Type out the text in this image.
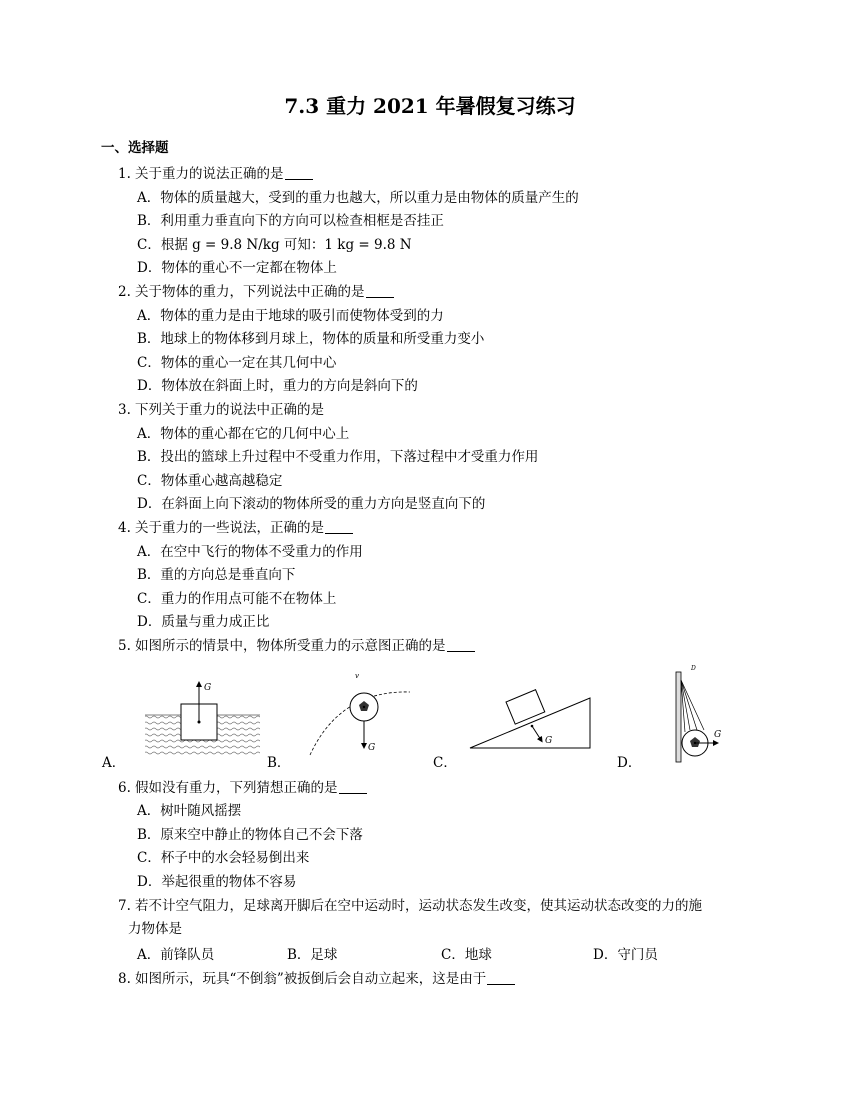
7.3 重力 2021 年暑假复习练习
一、选择题
1. 关于重力的说法正确的是
A．物体的质量越大，受到的重力也越大，所以重力是由物体的质量产生的
B．利用重力垂直向下的方向可以检查相框是否挂正
C．根据 g = 9.8 N/kg 可知：1 kg = 9.8 N
D．物体的重心不一定都在物体上
2. 关于物体的重力，下列说法中正确的是
A．物体的重力是由于地球的吸引而使物体受到的力
B．地球上的物体移到月球上，物体的质量和所受重力变小
C．物体的重心一定在其几何中心
D．物体放在斜面上时，重力的方向是斜向下的
3. 下列关于重力的说法中正确的是
A．物体的重心都在它的几何中心上
B．投出的篮球上升过程中不受重力作用，下落过程中才受重力作用
C．物体重心越高越稳定
D．在斜面上向下滚动的物体所受的重力方向是竖直向下的
4. 关于重力的一些说法，正确的是
A．在空中飞行的物体不受重力的作用
B．重的方向总是垂直向下
C．重力的作用点可能不在物体上
D．质量与重力成正比
5. 如图所示的情景中，物体所受重力的示意图正确的是
G
v
G
G
D
G
A．	B．	C．	D．
6. 假如没有重力，下列猜想正确的是
A．树叶随风摇摆
B．原来空中静止的物体自己不会下落
C．杯子中的水会轻易倒出来
D．举起很重的物体不容易
7. 若不计空气阻力，足球离开脚后在空中运动时，运动状态发生改变，使其运动状态改变的力的施
力物体是
A．前锋队员	B．足球	C．地球	D．守门员
8. 如图所示，玩具“不倒翁”被扳倒后会自动立起来，这是由于
